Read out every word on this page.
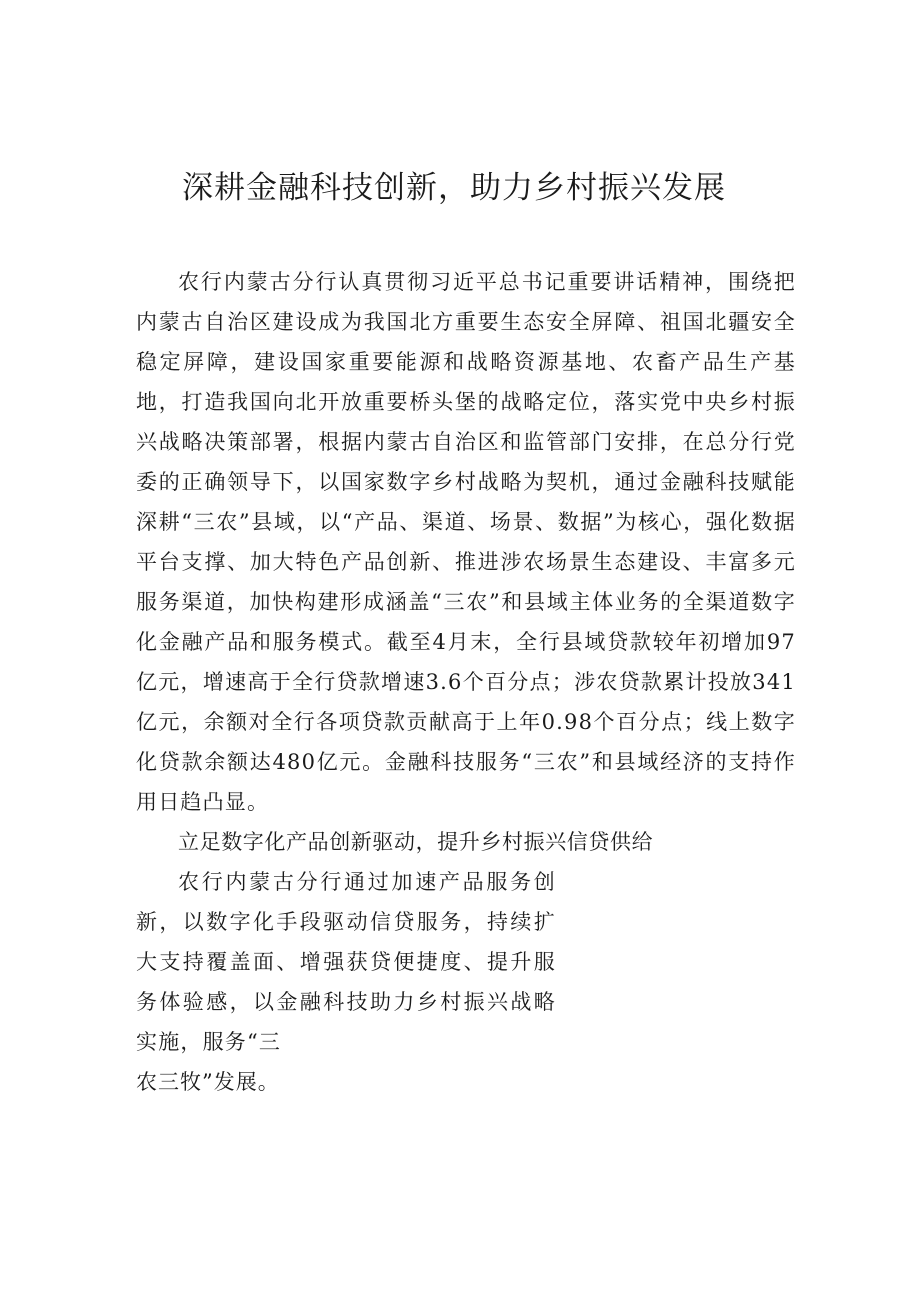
深耕金融科技创新，助力乡村振兴发展

农行内蒙古分行认真贯彻习近平总书记重要讲话精神，围绕把内蒙古自治区建设成为我国北方重要生态安全屏障、祖国北疆安全稳定屏障，建设国家重要能源和战略资源基地、农畜产品生产基地，打造我国向北开放重要桥头堡的战略定位，落实党中央乡村振兴战略决策部署，根据内蒙古自治区和监管部门安排，在总分行党委的正确领导下，以国家数字乡村战略为契机，通过金融科技赋能深耕“三农”县域，以“产品、渠道、场景、数据”为核心，强化数据平台支撑、加大特色产品创新、推进涉农场景生态建设、丰富多元服务渠道，加快构建形成涵盖“三农”和县域主体业务的全渠道数字化金融产品和服务模式。截至4月末，全行县域贷款较年初增加97亿元，增速高于全行贷款增速3.6个百分点；涉农贷款累计投放341亿元，余额对全行各项贷款贡献高于上年0.98个百分点；线上数字化贷款余额达480亿元。金融科技服务“三农”和县域经济的支持作用日趋凸显。

立足数字化产品创新驱动，提升乡村振兴信贷供给

农行内蒙古分行通过加速产品服务创新，以数字化手段驱动信贷服务，持续扩大支持覆盖面、增强获贷便捷度、提升服务体验感，以金融科技助力乡村振兴战略实施，服务“三

农三牧”发展。
